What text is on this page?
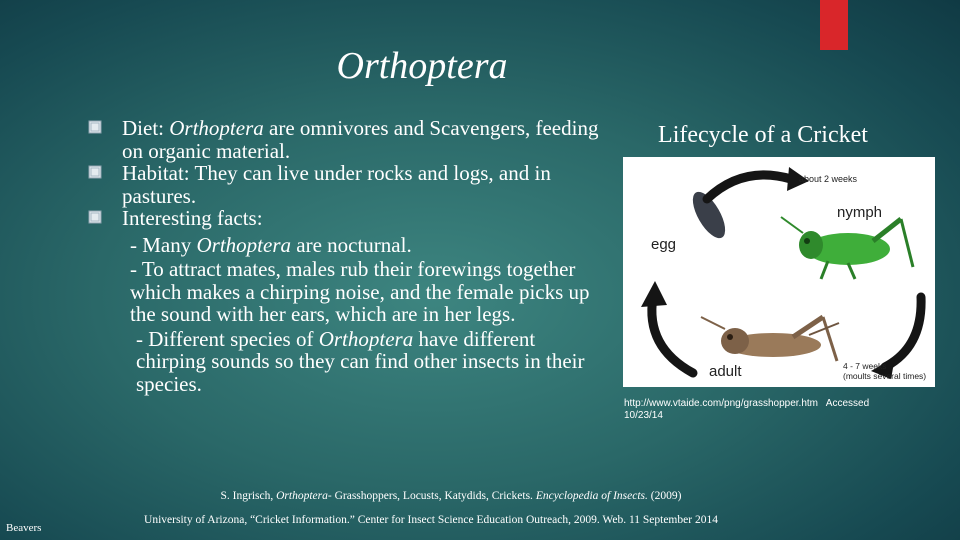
Orthoptera
Diet: Orthoptera are omnivores and Scavengers, feeding on organic material.
Habitat: They can live under rocks and logs, and in pastures.
Interesting facts:
- Many Orthoptera are nocturnal.
- To attract mates, males rub their forewings together which makes a chirping noise, and the female picks up the sound with her ears, which are in her legs.
- Different species of Orthoptera have different chirping sounds so they can find other insects in their species.
Lifecycle of a Cricket
about 2 weeks
nymph
egg
adult	4 - 7 weeks
(moults several times)
http://www.vtaide.com/png/grasshopper.htm Accessed
10/23/14
S. Ingrisch, Orthoptera- Grasshoppers, Locusts, Katydids, Crickets. Encyclopedia of Insects. (2009)
University of Arizona, “Cricket Information.” Center for Insect Science Education Outreach, 2009. Web. 11 September 2014
Beavers
